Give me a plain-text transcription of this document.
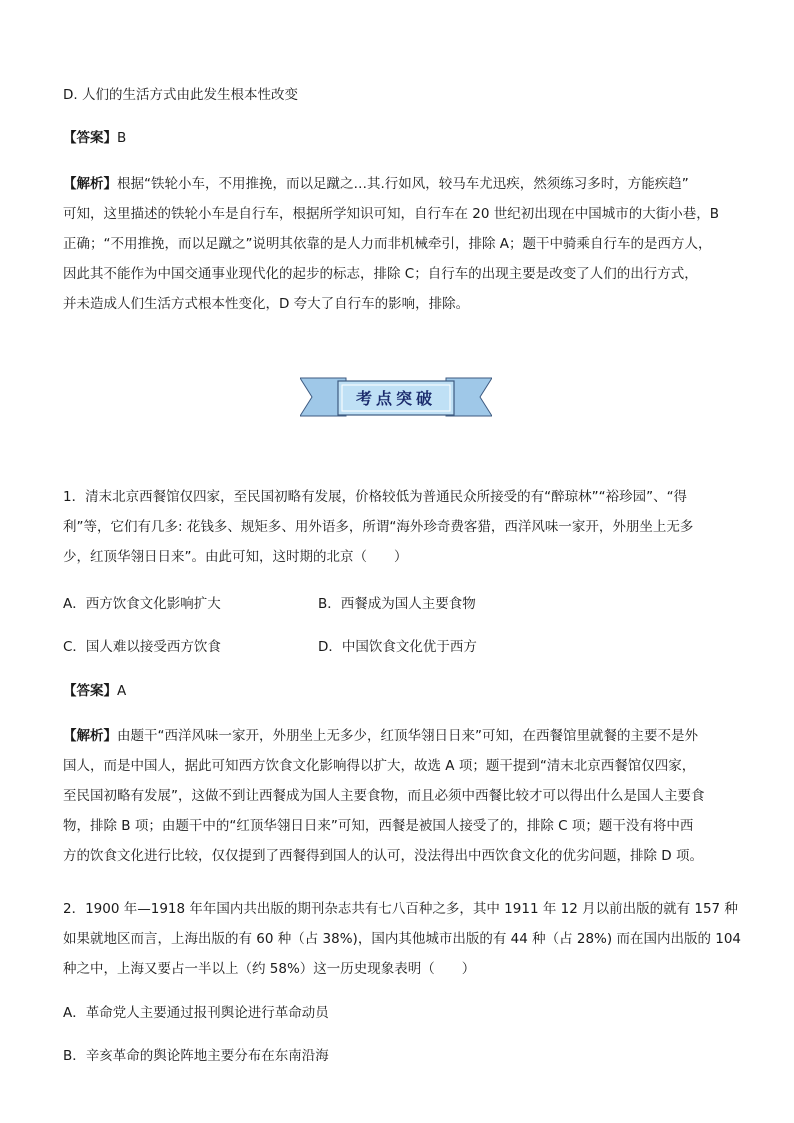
D. 人们的生活方式由此发生根本性改变
【答案】B

【解析】根据“铁轮小车，不用推挽，而以足蹴之…其.行如风，较马车尤迅疾，然须练习多时，方能疾趋”

可知，这里描述的铁轮小车是自行车，根据所学知识可知，自行车在 20 世纪初出现在中国城市的大街小巷，B

正确；“不用推挽，而以足蹴之”说明其依靠的是人力而非机械牵引，排除 A；题干中骑乘自行车的是西方人，

因此其不能作为中国交通事业现代化的起步的标志，排除 C；自行车的出现主要是改变了人们的出行方式，

并未造成人们生活方式根本性变化，D 夸大了自行车的影响，排除。

考点突破

1．清末北京西餐馆仅四家，至民国初略有发展，价格较低为普通民众所接受的有“醉琼林”“裕珍园”、“得

利”等，它们有几多: 花钱多、规矩多、用外语多，所谓“海外珍奇费客猎，西洋风味一家开，外朋坐上无多

少，红顶华翎日日来”。由此可知，这时期的北京（　　）

A．西方饮食文化影响扩大	B．西餐成为国人主要食物
C．国人难以接受西方饮食	D．中国饮食文化优于西方
【答案】A

【解析】由题干“西洋风味一家开，外朋坐上无多少，红顶华翎日日来”可知，在西餐馆里就餐的主要不是外

国人，而是中国人，据此可知西方饮食文化影响得以扩大，故选 A 项；题干提到“清末北京西餐馆仅四家，

至民国初略有发展”，这做不到让西餐成为国人主要食物，而且必须中西餐比较才可以得出什么是国人主要食

物，排除 B 项；由题干中的“红顶华翎日日来”可知，西餐是被国人接受了的，排除 C 项；题干没有将中西

方的饮食文化进行比较，仅仅提到了西餐得到国人的认可，没法得出中西饮食文化的优劣问题，排除 D 项。

2．1900 年—1918 年年国内共出版的期刊杂志共有七八百种之多，其中 1911 年 12 月以前出版的就有 157 种

如果就地区而言，上海出版的有 60 种（占 38%)，国内其他城市出版的有 44 种（占 28%) 而在国内出版的 104

种之中，上海又要占一半以上（约 58%）这一历史现象表明（　　）

A．革命党人主要通过报刊舆论进行革命动员
B．辛亥革命的舆论阵地主要分布在东南沿海
